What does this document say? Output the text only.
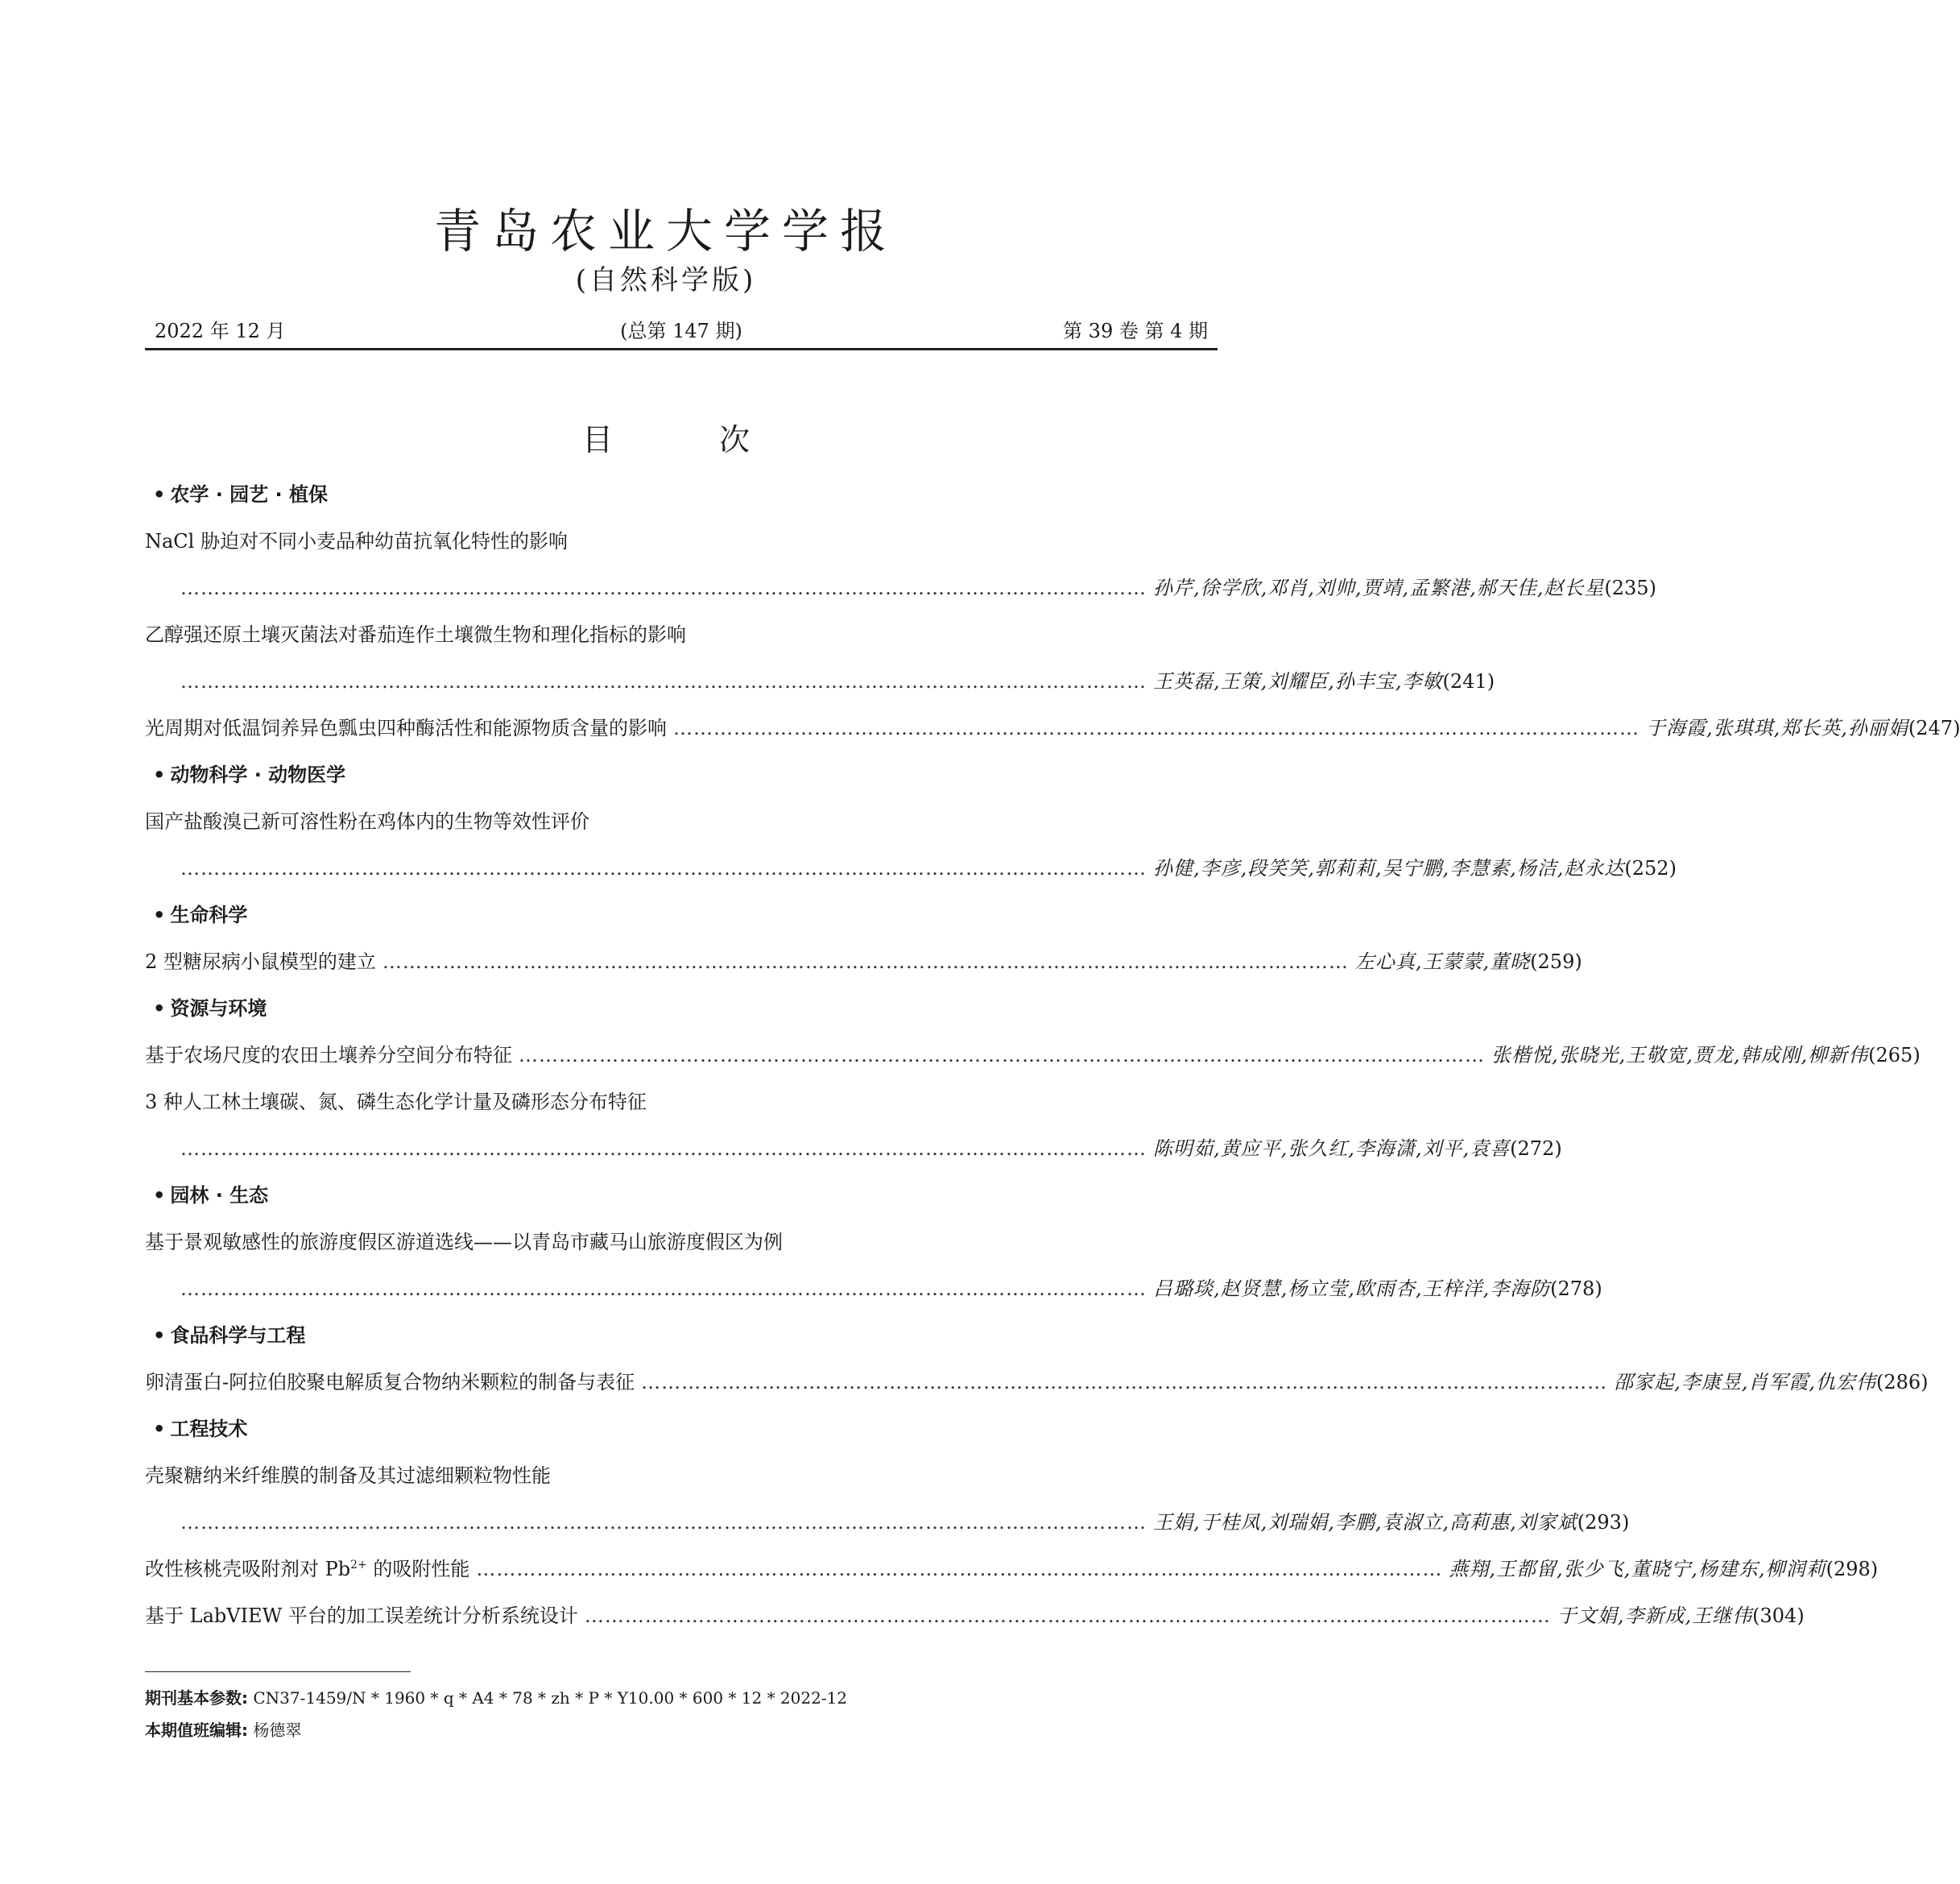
青岛农业大学学报
(自然科学版)
2022 年 12 月	(总第 147 期)	第 39 卷 第 4 期
目 次
• 农学 · 园艺 · 植保
NaCl 胁迫对不同小麦品种幼苗抗氧化特性的影响
……………………………………………………………………………………………………………………………… 孙芹,徐学欣,邓肖,刘帅,贾靖,孟繁港,郝天佳,赵长星 (235)
乙醇强还原土壤灭菌法对番茄连作土壤微生物和理化指标的影响
……………………………………………………………………………………………………………………………… 王英磊,王策,刘耀臣,孙丰宝,李敏 (241)
光周期对低温饲养异色瓢虫四种酶活性和能源物质含量的影响 ……………………………………………………………………………………………………………………………… 于海霞,张琪琪,郑长英,孙丽娟 (247)
• 动物科学 · 动物医学
国产盐酸溴己新可溶性粉在鸡体内的生物等效性评价
……………………………………………………………………………………………………………………………… 孙健,李彦,段笑笑,郭莉莉,吴宁鹏,李慧素,杨洁,赵永达 (252)
• 生命科学
2 型糖尿病小鼠模型的建立 ……………………………………………………………………………………………………………………………… 左心真,王蒙蒙,董晓 (259)
• 资源与环境
基于农场尺度的农田土壤养分空间分布特征 ……………………………………………………………………………………………………………………………… 张楷悦,张晓光,王敬宽,贾龙,韩成刚,柳新伟 (265)
3 种人工林土壤碳、氮、磷生态化学计量及磷形态分布特征
……………………………………………………………………………………………………………………………… 陈明茹,黄应平,张久红,李海潇,刘平,袁喜 (272)
• 园林 · 生态
基于景观敏感性的旅游度假区游道选线——以青岛市藏马山旅游度假区为例
……………………………………………………………………………………………………………………………… 吕璐琰,赵贤慧,杨立莹,欧雨杏,王梓洋,李海防 (278)
• 食品科学与工程
卵清蛋白-阿拉伯胶聚电解质复合物纳米颗粒的制备与表征 ……………………………………………………………………………………………………………………………… 邵家起,李康昱,肖军霞,仇宏伟 (286)
• 工程技术
壳聚糖纳米纤维膜的制备及其过滤细颗粒物性能
……………………………………………………………………………………………………………………………… 王娟,于桂凤,刘瑞娟,李鹏,袁淑立,高莉惠,刘家斌 (293)
改性核桃壳吸附剂对 $Pb^{2+}$ 的吸附性能 ……………………………………………………………………………………………………………………………… 燕翔,王都留,张少飞,董晓宁,杨建东,柳润莉 (298)
基于 LabVIEW 平台的加工误差统计分析系统设计 ……………………………………………………………………………………………………………………………… 于文娟,李新成,王继伟 (304)
期刊基本参数: CN37-1459/N * 1960 * q * A4 * 78 * zh * P * Y10.00 * 600 * 12 * 2022-12
本期值班编辑: 杨德翠
